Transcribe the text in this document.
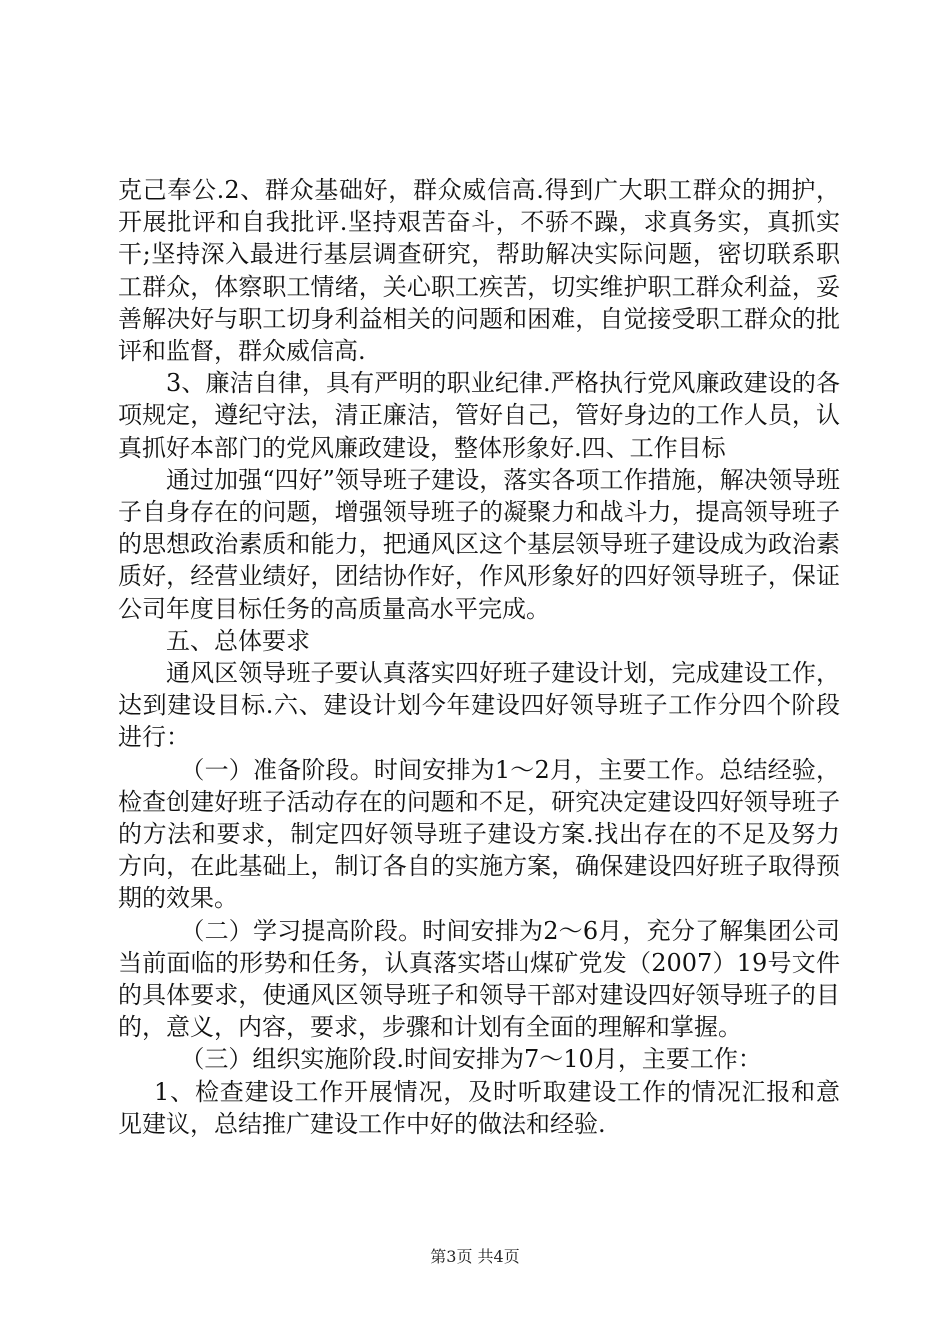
克己奉公.2、群众基础好，群众威信高.得到广大职工群众的拥护，开展批评和自我批评.坚持艰苦奋斗，不骄不躁，求真务实，真抓实干;坚持深入最进行基层调查研究，帮助解决实际问题，密切联系职工群众，体察职工情绪，关心职工疾苦，切实维护职工群众利益，妥善解决好与职工切身利益相关的问题和困难，自觉接受职工群众的批评和监督，群众威信高.

3、廉洁自律，具有严明的职业纪律.严格执行党风廉政建设的各项规定，遵纪守法，清正廉洁，管好自己，管好身边的工作人员，认真抓好本部门的党风廉政建设，整体形象好.四、工作目标

通过加强“四好”领导班子建设，落实各项工作措施，解决领导班子自身存在的问题，增强领导班子的凝聚力和战斗力，提高领导班子的思想政治素质和能力，把通风区这个基层领导班子建设成为政治素质好，经营业绩好，团结协作好，作风形象好的四好领导班子，保证公司年度目标任务的高质量高水平完成。

五、总体要求

通风区领导班子要认真落实四好班子建设计划，完成建设工作，达到建设目标.六、建设计划今年建设四好领导班子工作分四个阶段进行：

（一）准备阶段。时间安排为1～2月，主要工作。总结经验，检查创建好班子活动存在的问题和不足，研究决定建设四好领导班子的方法和要求，制定四好领导班子建设方案.找出存在的不足及努力方向，在此基础上，制订各自的实施方案，确保建设四好班子取得预期的效果。

（二）学习提高阶段。时间安排为2～6月，充分了解集团公司当前面临的形势和任务，认真落实塔山煤矿党发（2007）19号文件的具体要求，使通风区领导班子和领导干部对建设四好领导班子的目的，意义，内容，要求，步骤和计划有全面的理解和掌握。

（三）组织实施阶段.时间安排为7～10月，主要工作：

1、检查建设工作开展情况，及时听取建设工作的情况汇报和意见建议，总结推广建设工作中好的做法和经验.

第3页 共4页
